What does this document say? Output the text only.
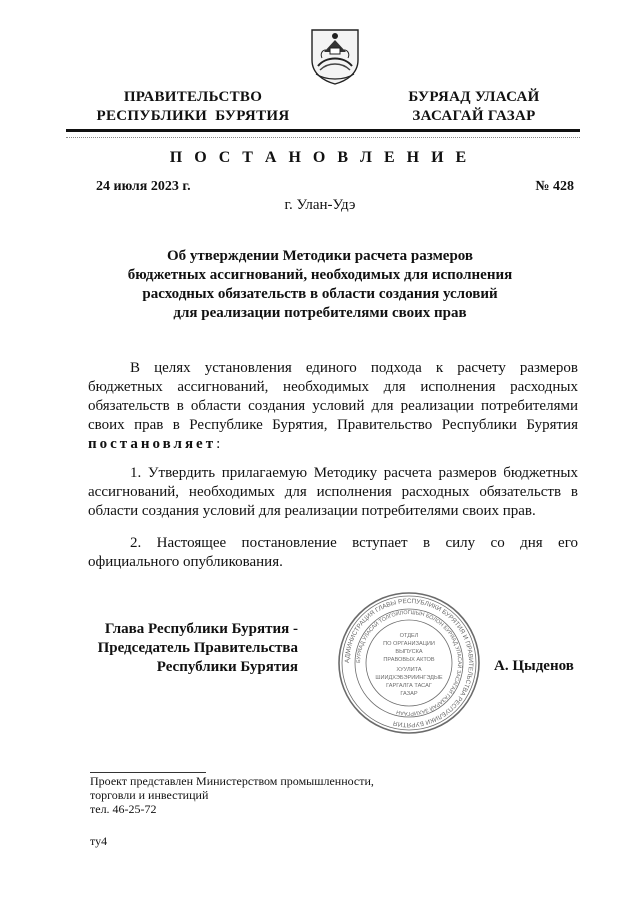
ПРАВИТЕЛЬСТВО
РЕСПУБЛИКИ  БУРЯТИЯ
БУРЯАД УЛАСАЙ
ЗАСАГАЙ ГАЗАР
П О С Т А Н О В Л Е Н И Е
24 июля 2023 г.	№ 428
г. Улан-Удэ
Об утверждении Методики расчета размеров
бюджетных ассигнований, необходимых для исполнения
расходных обязательств в области создания условий
для реализации потребителями своих прав
В целях установления единого подхода к расчету размеров бюджетных ассигнований, необходимых для исполнения расходных обязательств в области создания условий для реализации потребителями своих прав в Республике Бурятия, Правительство Республики Бурятия постановляет:
1. Утвердить прилагаемую Методику расчета размеров бюджетных ассигнований, необходимых для исполнения расходных обязательств в области создания условий для реализации потребителями своих прав.
2. Настоящее постановление вступает в силу со дня его официального опубликования.
Глава Республики Бурятия -
Председатель Правительства
Республики Бурятия	АДМИНИСТРАЦИЯ ГЛАВЫ РЕСПУБЛИКИ БУРЯТИЯ И ПРАВИТЕЛЬСТВА РЕСПУБЛИКИ БУРЯТИЯ
БУРЯАД УЛАСАЙ ТОЛГОЙЛОГШЫН БОЛОН БУРЯАД УЛАСАЙ ЗАСАГАЙ ГАЗАРАЙ ЗАХИРГААН
ОТДЕЛ
ПО ОРГАНИЗАЦИИ
ВЫПУСКА
ПРАВОВЫХ АКТОВ
ХУУЛИТА
ШИИДХЭБЭРИИНГЭДЫЕ
ГАРГАЛГА ТАСАГ
ГАЗАР
А. Цыденов
Проект представлен Министерством промышленности,
торговли и инвестиций
тел. 46-25-72
ту4
